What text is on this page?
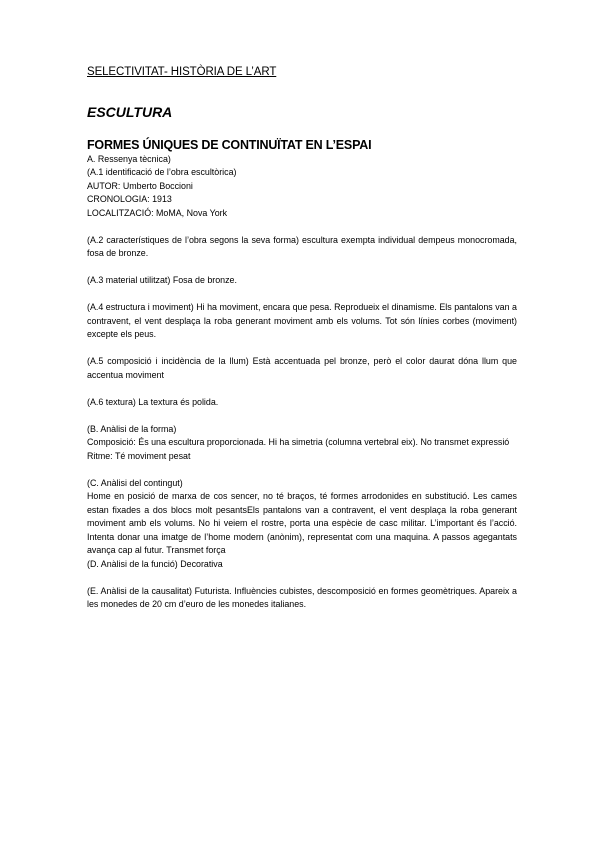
SELECTIVITAT- HISTÒRIA DE L’ART

ESCULTURA

FORMES ÚNIQUES DE CONTINUÏTAT EN L’ESPAI

A. Ressenya tècnica)

(A.1 identificació de l’obra escultòrica)
AUTOR: Umberto Boccioni
CRONOLOGIA: 1913
LOCALITZACIÓ: MoMA, Nova York

(A.2 característiques de l’obra segons la seva forma) escultura exempta individual dempeus monocromada, fosa de bronze.

(A.3 material utilitzat) Fosa de bronze.

(A.4 estructura i moviment) Hi ha moviment, encara que pesa. Reprodueix el dinamisme. Els pantalons van a contravent, el vent desplaça la roba generant moviment amb els volums. Tot són línies corbes (moviment) excepte els peus.

(A.5 composició i incidència de la llum) Està accentuada pel bronze, però el color daurat dóna llum que accentua moviment

(A.6 textura) La textura és polida.

(B. Anàlisi de la forma)
Composició: És una escultura proporcionada. Hi ha simetria (columna vertebral eix). No transmet expressió
Ritme: Té moviment pesat

(C. Anàlisi del contingut)
Home en posició de marxa de cos sencer, no té braços, té formes arrodonides en substitució. Les cames estan fixades a dos blocs molt pesantsEls pantalons van a contravent, el vent desplaça la roba generant moviment amb els volums. No hi veiem el rostre, porta una espècie de casc militar. L’important és l’acció. Intenta donar una imatge de l’home modern (anònim), representat com una maquina. A passos agegantats avança cap al futur. Transmet força
(D. Anàlisi de la funció) Decorativa

(E. Anàlisi de la causalitat) Futurista. Influències cubistes, descomposició en formes geomètriques. Apareix a les monedes de 20 cm d’euro de les monedes italianes.
